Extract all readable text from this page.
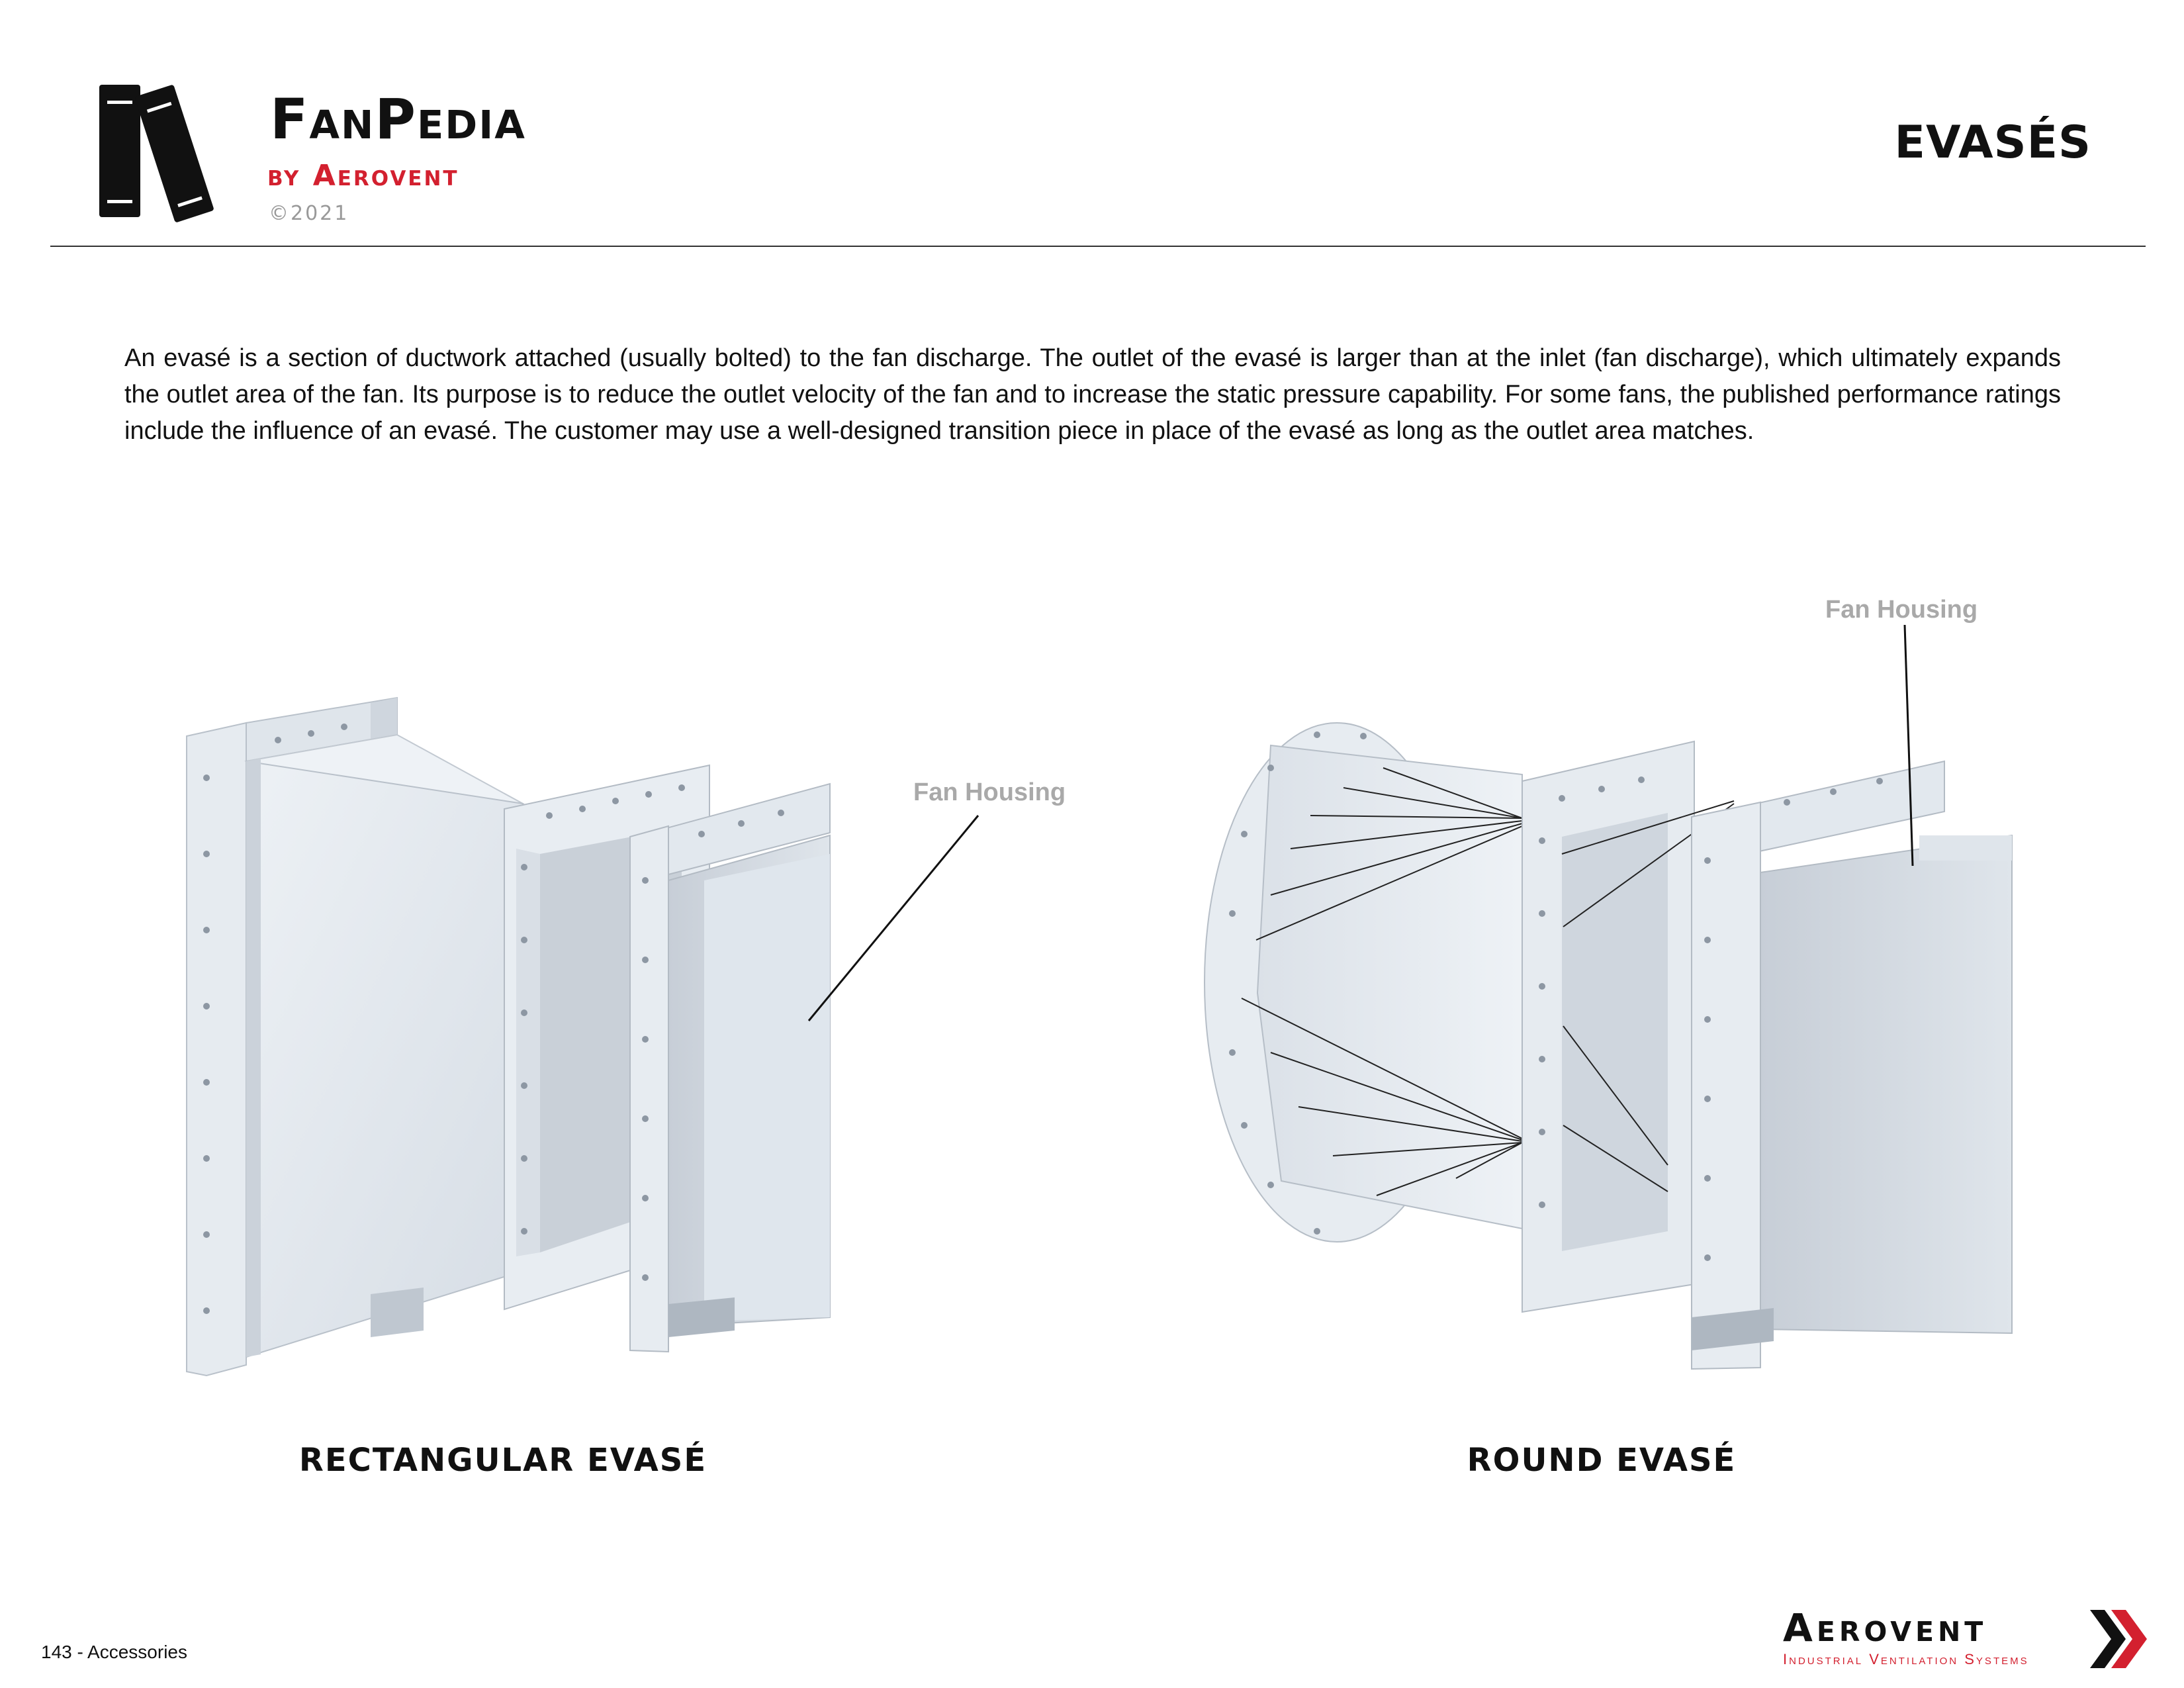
FanPedia
by Aerovent
©2021
EVASÉS

An evasé is a section of ductwork attached (usually bolted) to the fan discharge. The outlet of the evasé is larger than at the inlet (fan discharge), which ultimately expands the outlet area of the fan. Its purpose is to reduce the outlet velocity of the fan and to increase the static pressure capability. For some fans, the published performance ratings include the influence of an evasé. The customer may use a well-designed transition piece in place of the evasé as long as the outlet area matches.

Fan Housing
Fan Housing
RECTANGULAR EVASÉ	ROUND EVASÉ
143 - Accessories
Aerovent
Industrial Ventilation Systems
